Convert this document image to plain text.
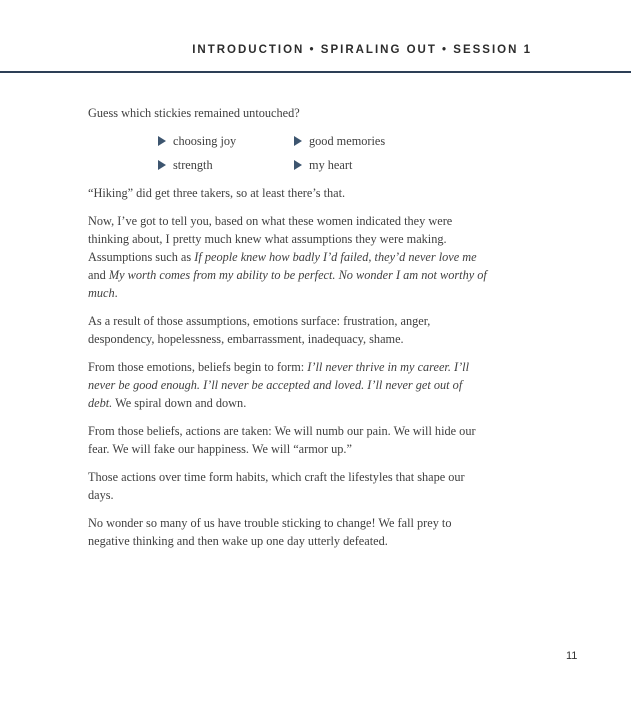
INTRODUCTION • SPIRALING OUT • SESSION 1

Guess which stickies remained untouched?

choosing joy	good memories
strength	my heart

“Hiking” did get three takers, so at least there’s that.

Now, I’ve got to tell you, based on what these women indicated they were thinking about, I pretty much knew what assumptions they were making. Assumptions such as If people knew how badly I’d failed, they’d never love me and My worth comes from my ability to be perfect. No wonder I am not worthy of much.

As a result of those assumptions, emotions surface: frustration, anger, despondency, hopelessness, embarrassment, inadequacy, shame.

From those emotions, beliefs begin to form: I’ll never thrive in my career. I’ll never be good enough. I’ll never be accepted and loved. I’ll never get out of debt. We spiral down and down.

From those beliefs, actions are taken: We will numb our pain. We will hide our fear. We will fake our happiness. We will “armor up.”

Those actions over time form habits, which craft the lifestyles that shape our days.

No wonder so many of us have trouble sticking to change! We fall prey to negative thinking and then wake up one day utterly defeated.

11
